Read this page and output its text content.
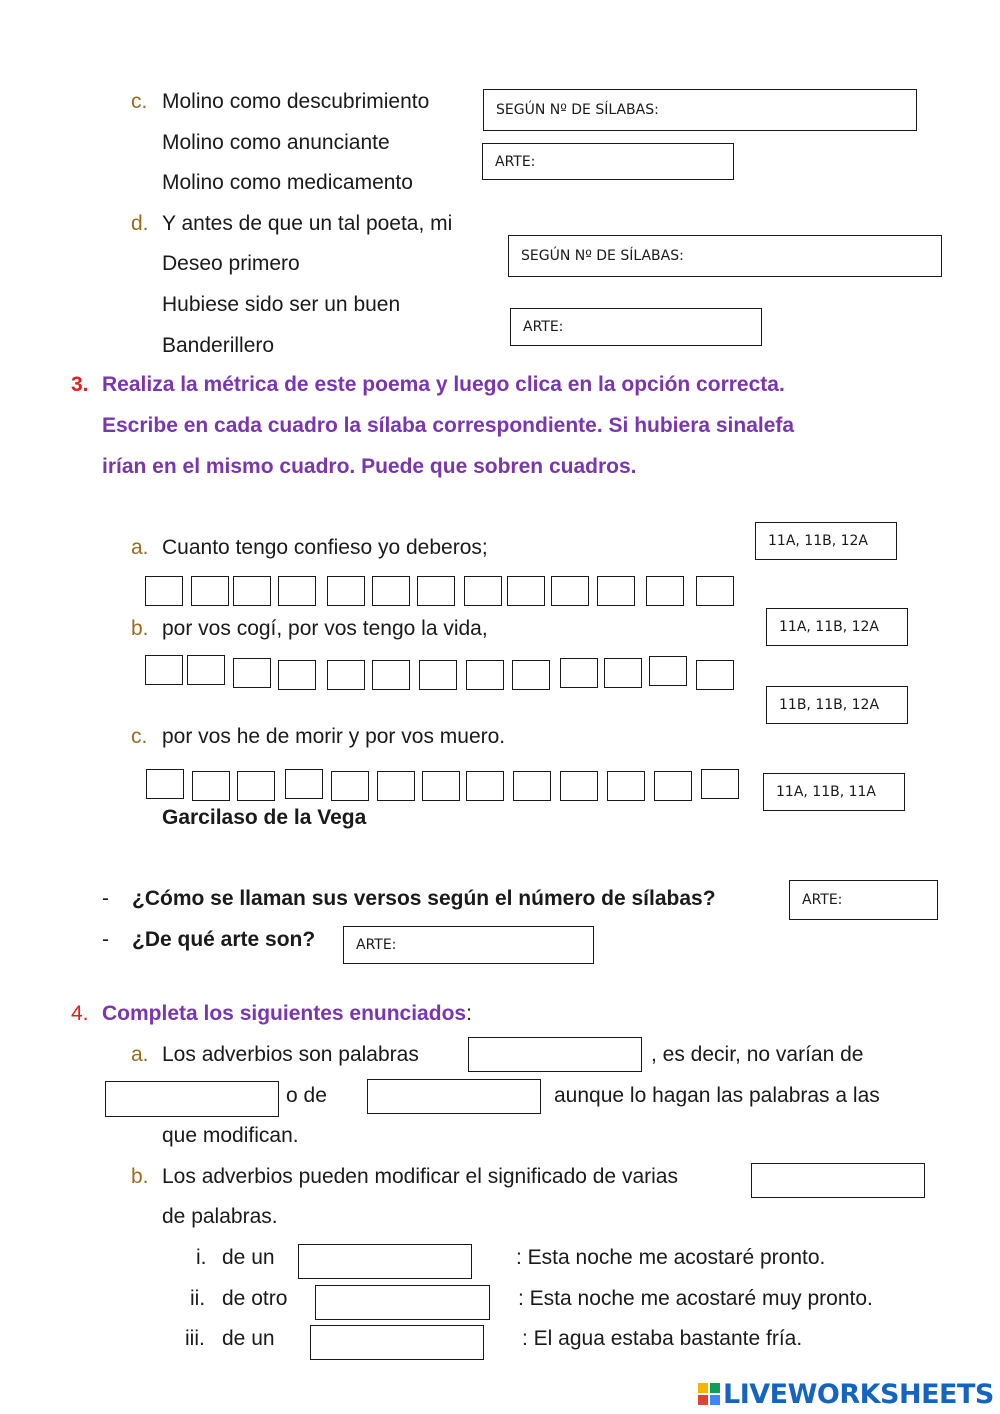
c. Molino como descubrimiento
Molino como anunciante
Molino como medicamento
SEGÚN Nº DE SÍLABAS:
ARTE:
d. Y antes de que un tal poeta, mi
Deseo primero
Hubiese sido ser un buen
Banderillero
SEGÚN Nº DE SÍLABAS:
ARTE:
3. Realiza la métrica de este poema y luego clica en la opción correcta.
Escribe en cada cuadro la sílaba correspondiente. Si hubiera sinalefa
irían en el mismo cuadro. Puede que sobren cuadros.
a. Cuanto tengo confieso yo deberos;	11A, 11B, 12A
b. por vos cogí, por vos tengo la vida,	11A, 11B, 12A
11B, 11B, 12A
c. por vos he de morir y por vos muero.
11A, 11B, 11A
Garcilaso de la Vega
- ¿Cómo se llaman sus versos según el número de sílabas?	ARTE:
- ¿De qué arte son?	ARTE:
4. Completa los siguientes enunciados:
a. Los adverbios son palabras	, es decir, no varían de
o de	aunque lo hagan las palabras a las
que modifican.
b. Los adverbios pueden modificar el significado de varias
de palabras.
i. de un	: Esta noche me acostaré pronto.
ii. de otro	: Esta noche me acostaré muy pronto.
iii. de un	: El agua estaba bastante fría.
LIVEWORKSHEETS
